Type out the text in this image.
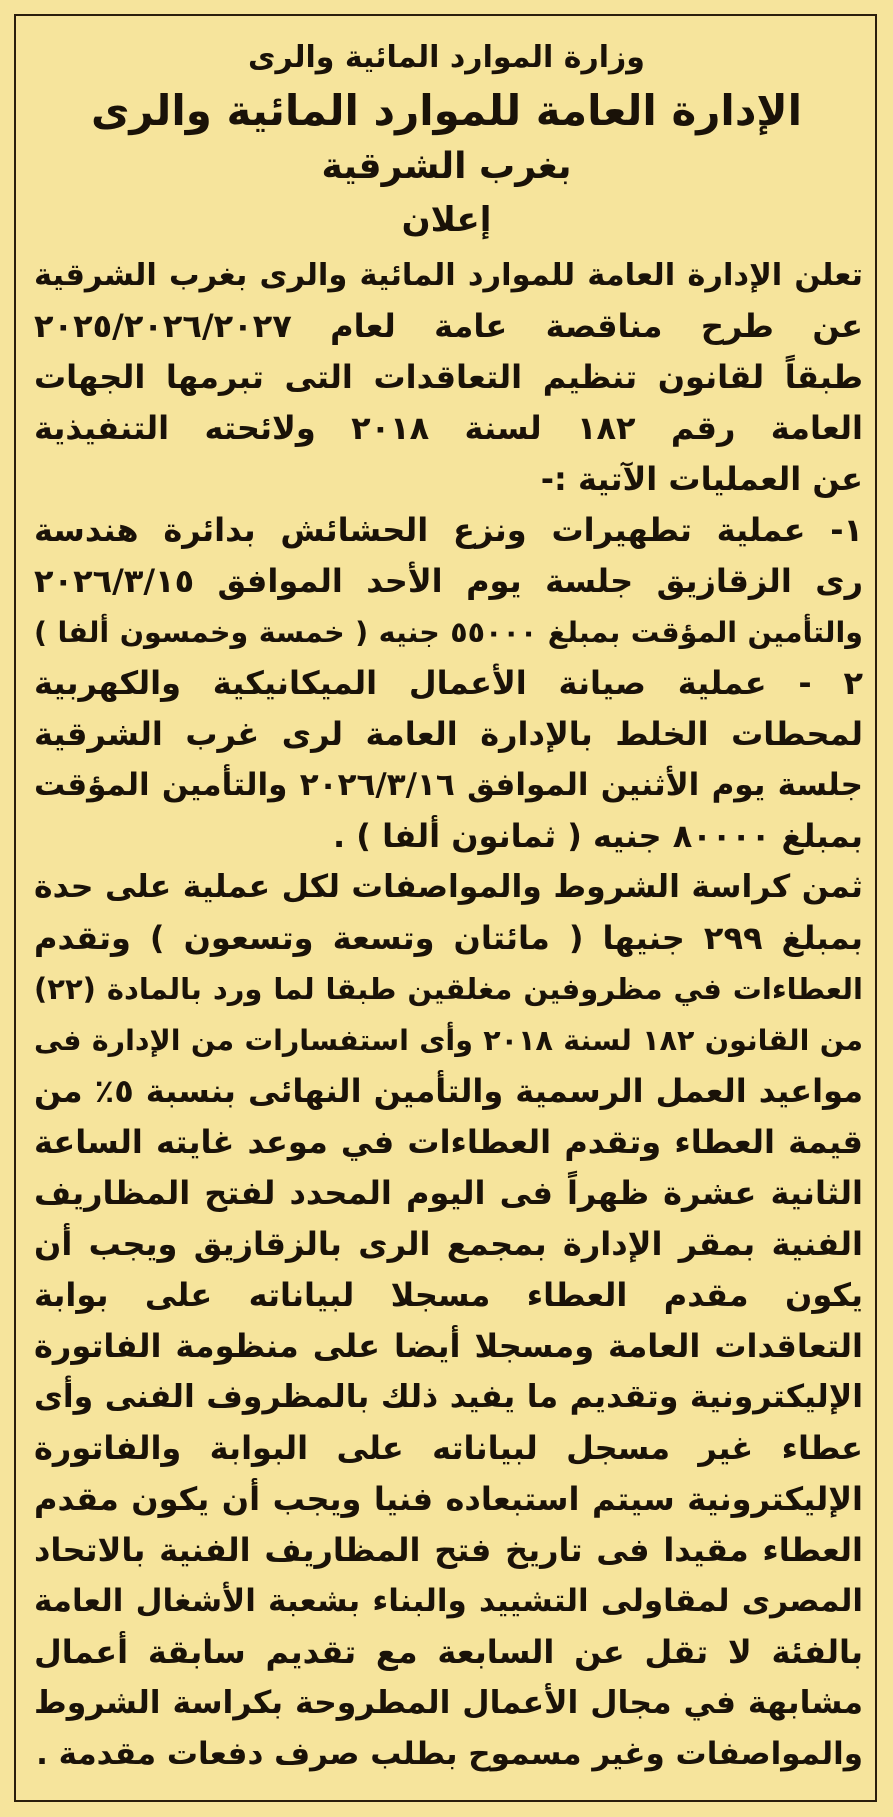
وزارة الموارد المائية والرى
الإدارة العامة للموارد المائية والرى
بغرب الشرقية
إعلان
تعلن الإدارة العامة للموارد المائية والرى بغرب الشرقية
عن طرح مناقصة عامة لعام ٢٠٢٥/٢٠٢٦/٢٠٢٧
طبقاً لقانون تنظيم التعاقدات التى تبرمها الجهات
العامة رقم ١٨٢ لسنة ٢٠١٨ ولائحته التنفيذية
عن العمليات الآتية :-
١- عملية تطهيرات ونزع الحشائش بدائرة هندسة
رى الزقازيق جلسة يوم الأحد الموافق ٢٠٢٦/٣/١٥
والتأمين المؤقت بمبلغ ٥٥٠٠٠ جنيه ( خمسة وخمسون ألفا )
٢ - عملية صيانة الأعمال الميكانيكية والكهربية
لمحطات الخلط بالإدارة العامة لرى غرب الشرقية
جلسة يوم الأثنين الموافق ٢٠٢٦/٣/١٦ والتأمين المؤقت
بمبلغ ٨٠٠٠٠ جنيه ( ثمانون ألفا ) .
ثمن كراسة الشروط والمواصفات لكل عملية على حدة
بمبلغ ٢٩٩ جنيها ( مائتان وتسعة وتسعون ) وتقدم
العطاءات في مظروفين مغلقين طبقا لما ورد بالمادة (٢٢)
من القانون ١٨٢ لسنة ٢٠١٨ وأى استفسارات من الإدارة فى
مواعيد العمل الرسمية والتأمين النهائى بنسبة ٥٪ من
قيمة العطاء وتقدم العطاءات في موعد غايته الساعة
الثانية عشرة ظهراً فى اليوم المحدد لفتح المظاريف
الفنية بمقر الإدارة بمجمع الرى بالزقازيق ويجب أن
يكون مقدم العطاء مسجلا لبياناته على بوابة
التعاقدات العامة ومسجلا أيضا على منظومة الفاتورة
الإليكترونية وتقديم ما يفيد ذلك بالمظروف الفنى وأى
عطاء غير مسجل لبياناته على البوابة والفاتورة
الإليكترونية سيتم استبعاده فنيا ويجب أن يكون مقدم
العطاء مقيدا فى تاريخ فتح المظاريف الفنية بالاتحاد
المصرى لمقاولى التشييد والبناء بشعبة الأشغال العامة
بالفئة لا تقل عن السابعة مع تقديم سابقة أعمال
مشابهة في مجال الأعمال المطروحة بكراسة الشروط
والمواصفات وغير مسموح بطلب صرف دفعات مقدمة .
